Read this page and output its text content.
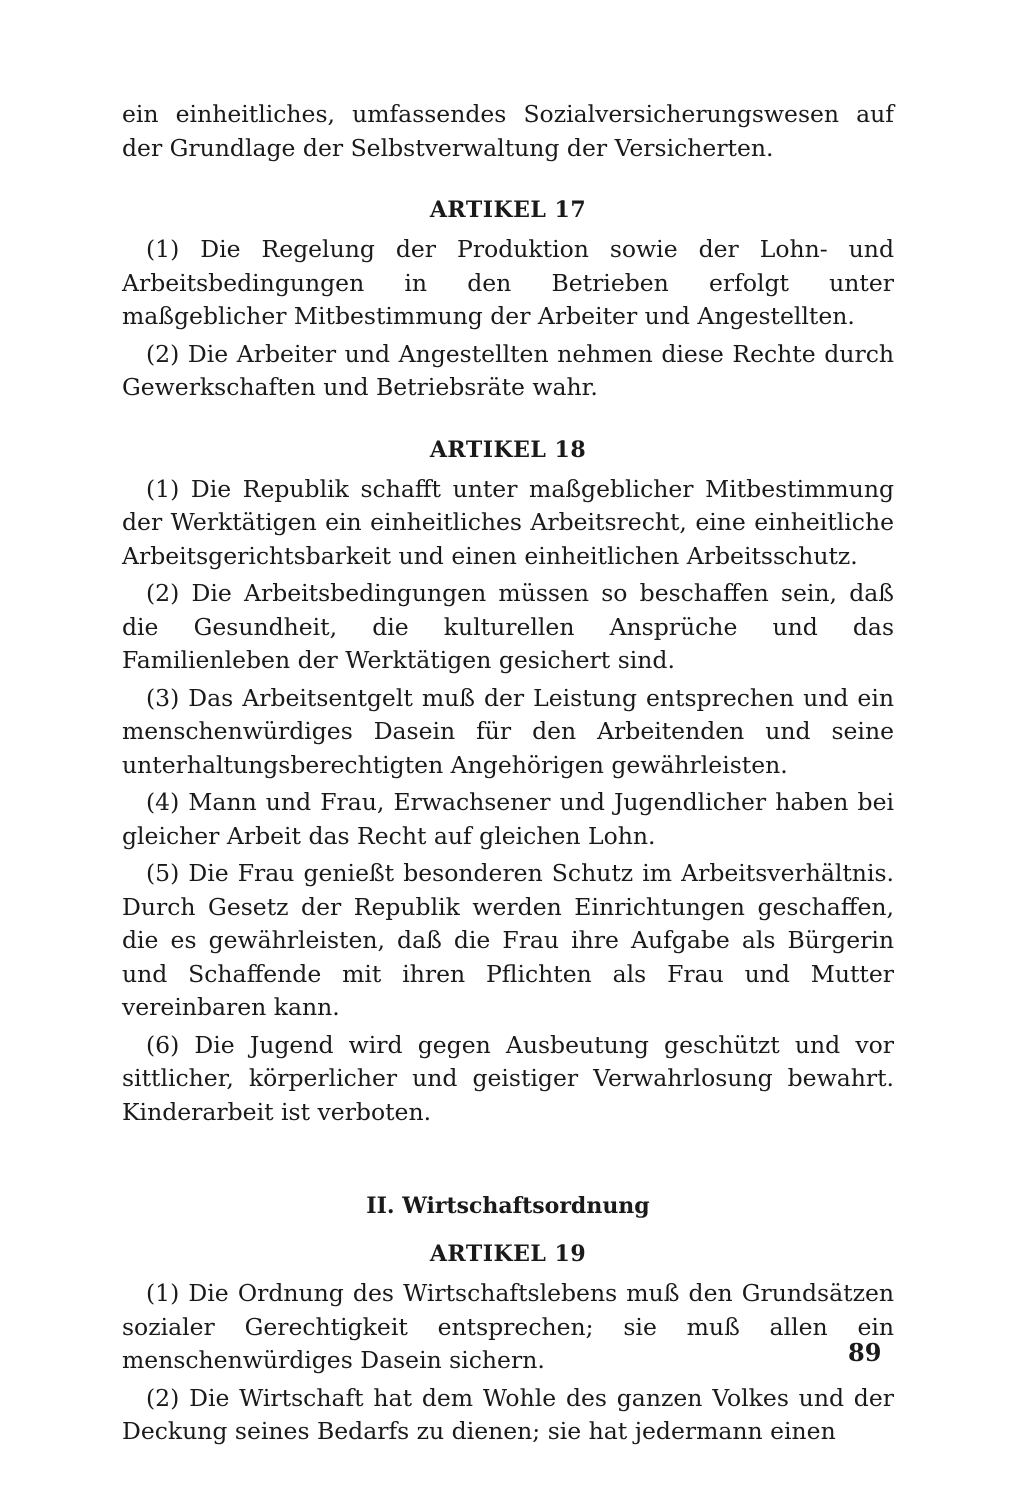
ein einheitliches, umfassendes Sozialversicherungswesen auf der Grundlage der Selbstverwaltung der Versicherten.

ARTIKEL 17

(1) Die Regelung der Produktion sowie der Lohn- und Arbeitsbedingungen in den Betrieben erfolgt unter maßgeblicher Mitbestimmung der Arbeiter und Angestellten.

(2) Die Arbeiter und Angestellten nehmen diese Rechte durch Gewerkschaften und Betriebsräte wahr.

ARTIKEL 18

(1) Die Republik schafft unter maßgeblicher Mitbestimmung der Werktätigen ein einheitliches Arbeitsrecht, eine einheitliche Arbeitsgerichtsbarkeit und einen einheitlichen Arbeitsschutz.

(2) Die Arbeitsbedingungen müssen so beschaffen sein, daß die Gesundheit, die kulturellen Ansprüche und das Familienleben der Werktätigen gesichert sind.

(3) Das Arbeitsentgelt muß der Leistung entsprechen und ein menschenwürdiges Dasein für den Arbeitenden und seine unterhaltungsberechtigten Angehörigen gewährleisten.

(4) Mann und Frau, Erwachsener und Jugendlicher haben bei gleicher Arbeit das Recht auf gleichen Lohn.

(5) Die Frau genießt besonderen Schutz im Arbeitsverhältnis. Durch Gesetz der Republik werden Einrichtungen geschaffen, die es gewährleisten, daß die Frau ihre Aufgabe als Bürgerin und Schaffende mit ihren Pflichten als Frau und Mutter vereinbaren kann.

(6) Die Jugend wird gegen Ausbeutung geschützt und vor sittlicher, körperlicher und geistiger Verwahrlosung bewahrt. Kinderarbeit ist verboten.

II. Wirtschaftsordnung
ARTIKEL 19

(1) Die Ordnung des Wirtschaftslebens muß den Grundsätzen sozialer Gerechtigkeit entsprechen; sie muß allen ein menschenwürdiges Dasein sichern.

(2) Die Wirtschaft hat dem Wohle des ganzen Volkes und der Deckung seines Bedarfs zu dienen; sie hat jedermann einen

89
